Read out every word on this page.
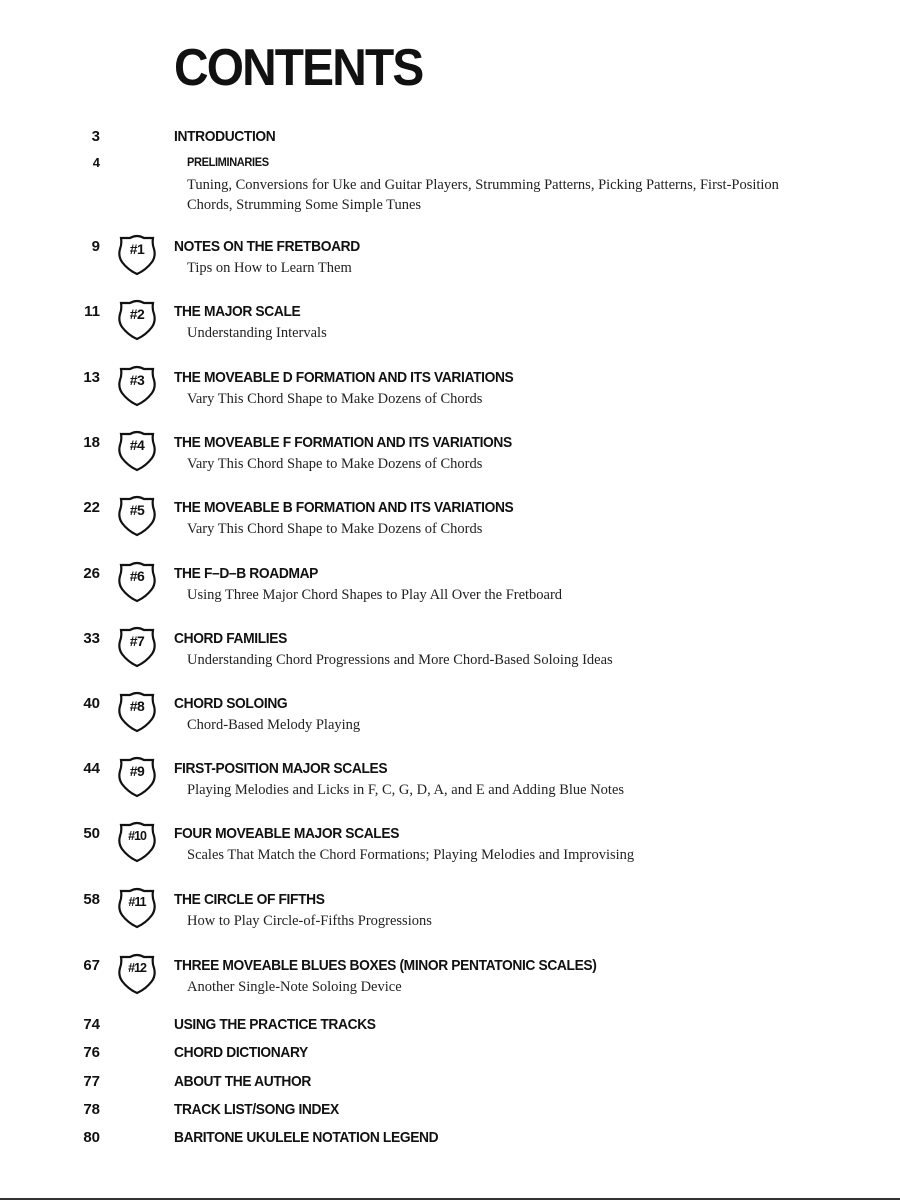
CONTENTS
3	INTRODUCTION
4	PRELIMINARIES
Tuning, Conversions for Uke and Guitar Players, Strumming Patterns, Picking Patterns, First-Position Chords, Strumming Some Simple Tunes
9	#1	NOTES ON THE FRETBOARD
Tips on How to Learn Them
11	#2	THE MAJOR SCALE
Understanding Intervals
13	#3	THE MOVEABLE D FORMATION AND ITS VARIATIONS
Vary This Chord Shape to Make Dozens of Chords
18	#4	THE MOVEABLE F FORMATION AND ITS VARIATIONS
Vary This Chord Shape to Make Dozens of Chords
22	#5	THE MOVEABLE B FORMATION AND ITS VARIATIONS
Vary This Chord Shape to Make Dozens of Chords
26	#6	THE F–D–B ROADMAP
Using Three Major Chord Shapes to Play All Over the Fretboard
33	#7	CHORD FAMILIES
Understanding Chord Progressions and More Chord-Based Soloing Ideas
40	#8	CHORD SOLOING
Chord-Based Melody Playing
44	#9	FIRST-POSITION MAJOR SCALES
Playing Melodies and Licks in F, C, G, D, A, and E and Adding Blue Notes
50	#10	FOUR MOVEABLE MAJOR SCALES
Scales That Match the Chord Formations; Playing Melodies and Improvising
58	#11	THE CIRCLE OF FIFTHS
How to Play Circle-of-Fifths Progressions
67	#12	THREE MOVEABLE BLUES BOXES (MINOR PENTATONIC SCALES)
Another Single-Note Soloing Device
74	USING THE PRACTICE TRACKS
76	CHORD DICTIONARY
77	ABOUT THE AUTHOR
78	TRACK LIST/SONG INDEX
80	BARITONE UKULELE NOTATION LEGEND
